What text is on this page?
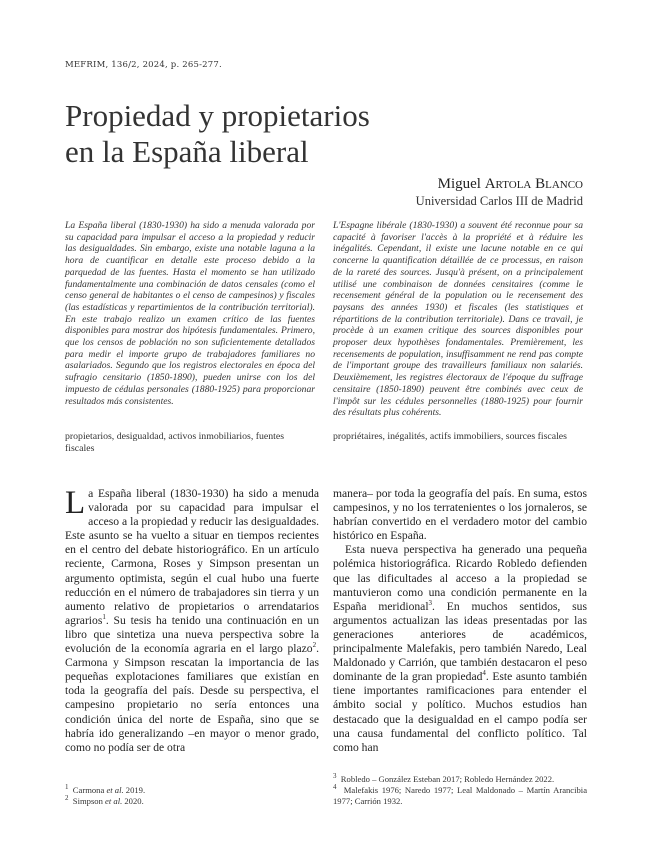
MEFRIM, 136/2, 2024, p. 265-277.
Propiedad y propietarios
en la España liberal
Miguel Artola Blanco
Universidad Carlos III de Madrid
La España liberal (1830-1930) ha sido a menuda valorada por su capacidad para impulsar el acceso a la propiedad y reducir las desigualdades. Sin embargo, existe una notable laguna a la hora de cuantificar en detalle este proceso debido a la parquedad de las fuentes. Hasta el momento se han utilizado fundamentalmente una combinación de datos censales (como el censo general de habitantes o el censo de campesinos) y fiscales (las estadísticas y repartimientos de la contribución territorial). En este trabajo realizo un examen crítico de las fuentes disponibles para mostrar dos hipótesis fundamentales. Primero, que los censos de población no son suficientemente detallados para medir el importe grupo de trabajadores familiares no asalariados. Segundo que los registros electorales en época del sufragio censitario (1850-1890), pueden unirse con los del impuesto de cédulas personales (1880-1925) para proporcionar resultados más consistentes.
L'Espagne libérale (1830-1930) a souvent été reconnue pour sa capacité à favoriser l'accès à la propriété et à réduire les inégalités. Cependant, il existe une lacune notable en ce qui concerne la quantification détaillée de ce processus, en raison de la rareté des sources. Jusqu'à présent, on a principalement utilisé une combinaison de données censitaires (comme le recensement général de la population ou le recensement des paysans des années 1930) et fiscales (les statistiques et répartitions de la contribution territoriale). Dans ce travail, je procède à un examen critique des sources disponibles pour proposer deux hypothèses fondamentales. Premièrement, les recensements de population, insuffisamment ne rend pas compte de l'important groupe des travailleurs familiaux non salariés. Deuxièmement, les registres électoraux de l'époque du suffrage censitaire (1850-1890) peuvent être combinés avec ceux de l'impôt sur les cédules personnelles (1880-1925) pour fournir des résultats plus cohérents.
propietarios, desigualdad, activos inmobiliarios, fuentes fiscales
propriétaires, inégalités, actifs immobiliers, sources fiscales

La España liberal (1830-1930) ha sido a menuda valorada por su capacidad para impulsar el acceso a la propiedad y reducir las desigualdades. Este asunto se ha vuelto a situar en tiempos recientes en el centro del debate historiográfico. En un artículo reciente, Carmona, Roses y Simpson presentan un argumento optimista, según el cual hubo una fuerte reducción en el número de trabajadores sin tierra y un aumento relativo de propietarios o arrendatarios agrarios$^1$. Su tesis ha tenido una continuación en un libro que sintetiza una nueva perspectiva sobre la evolución de la economía agraria en el largo plazo$^2$. Carmona y Simpson rescatan la importancia de las pequeñas explotaciones familiares que existían en toda la geografía del país. Desde su perspectiva, el campesino propietario no sería entonces una condición única del norte de España, sino que se habría ido generalizando –en mayor o menor grado, como no podía ser de otra

manera– por toda la geografía del país. En suma, estos campesinos, y no los terratenientes o los jornaleros, se habrían convertido en el verdadero motor del cambio histórico en España.

Esta nueva perspectiva ha generado una pequeña polémica historiográfica. Ricardo Robledo defienden que las dificultades al acceso a la propiedad se mantuvieron como una condición permanente en la España meridional$^3$. En muchos sentidos, sus argumentos actualizan las ideas presentadas por las generaciones anteriores de académicos, principalmente Malefakis, pero también Naredo, Leal Maldonado y Carrión, que también destacaron el peso dominante de la gran propiedad$^4$. Este asunto también tiene importantes ramificaciones para entender el ámbito social y político. Muchos estudios han destacado que la desigualdad en el campo podía ser una causa fundamental del conflicto político. Tal como han

$^1$ Carmona et al. 2019.
$^2$ Simpson et al. 2020.
$^3$ Robledo – González Esteban 2017; Robledo Hernández 2022.
$^4$ Malefakis 1976; Naredo 1977; Leal Maldonado – Martín Arancibia 1977; Carrión 1932.
